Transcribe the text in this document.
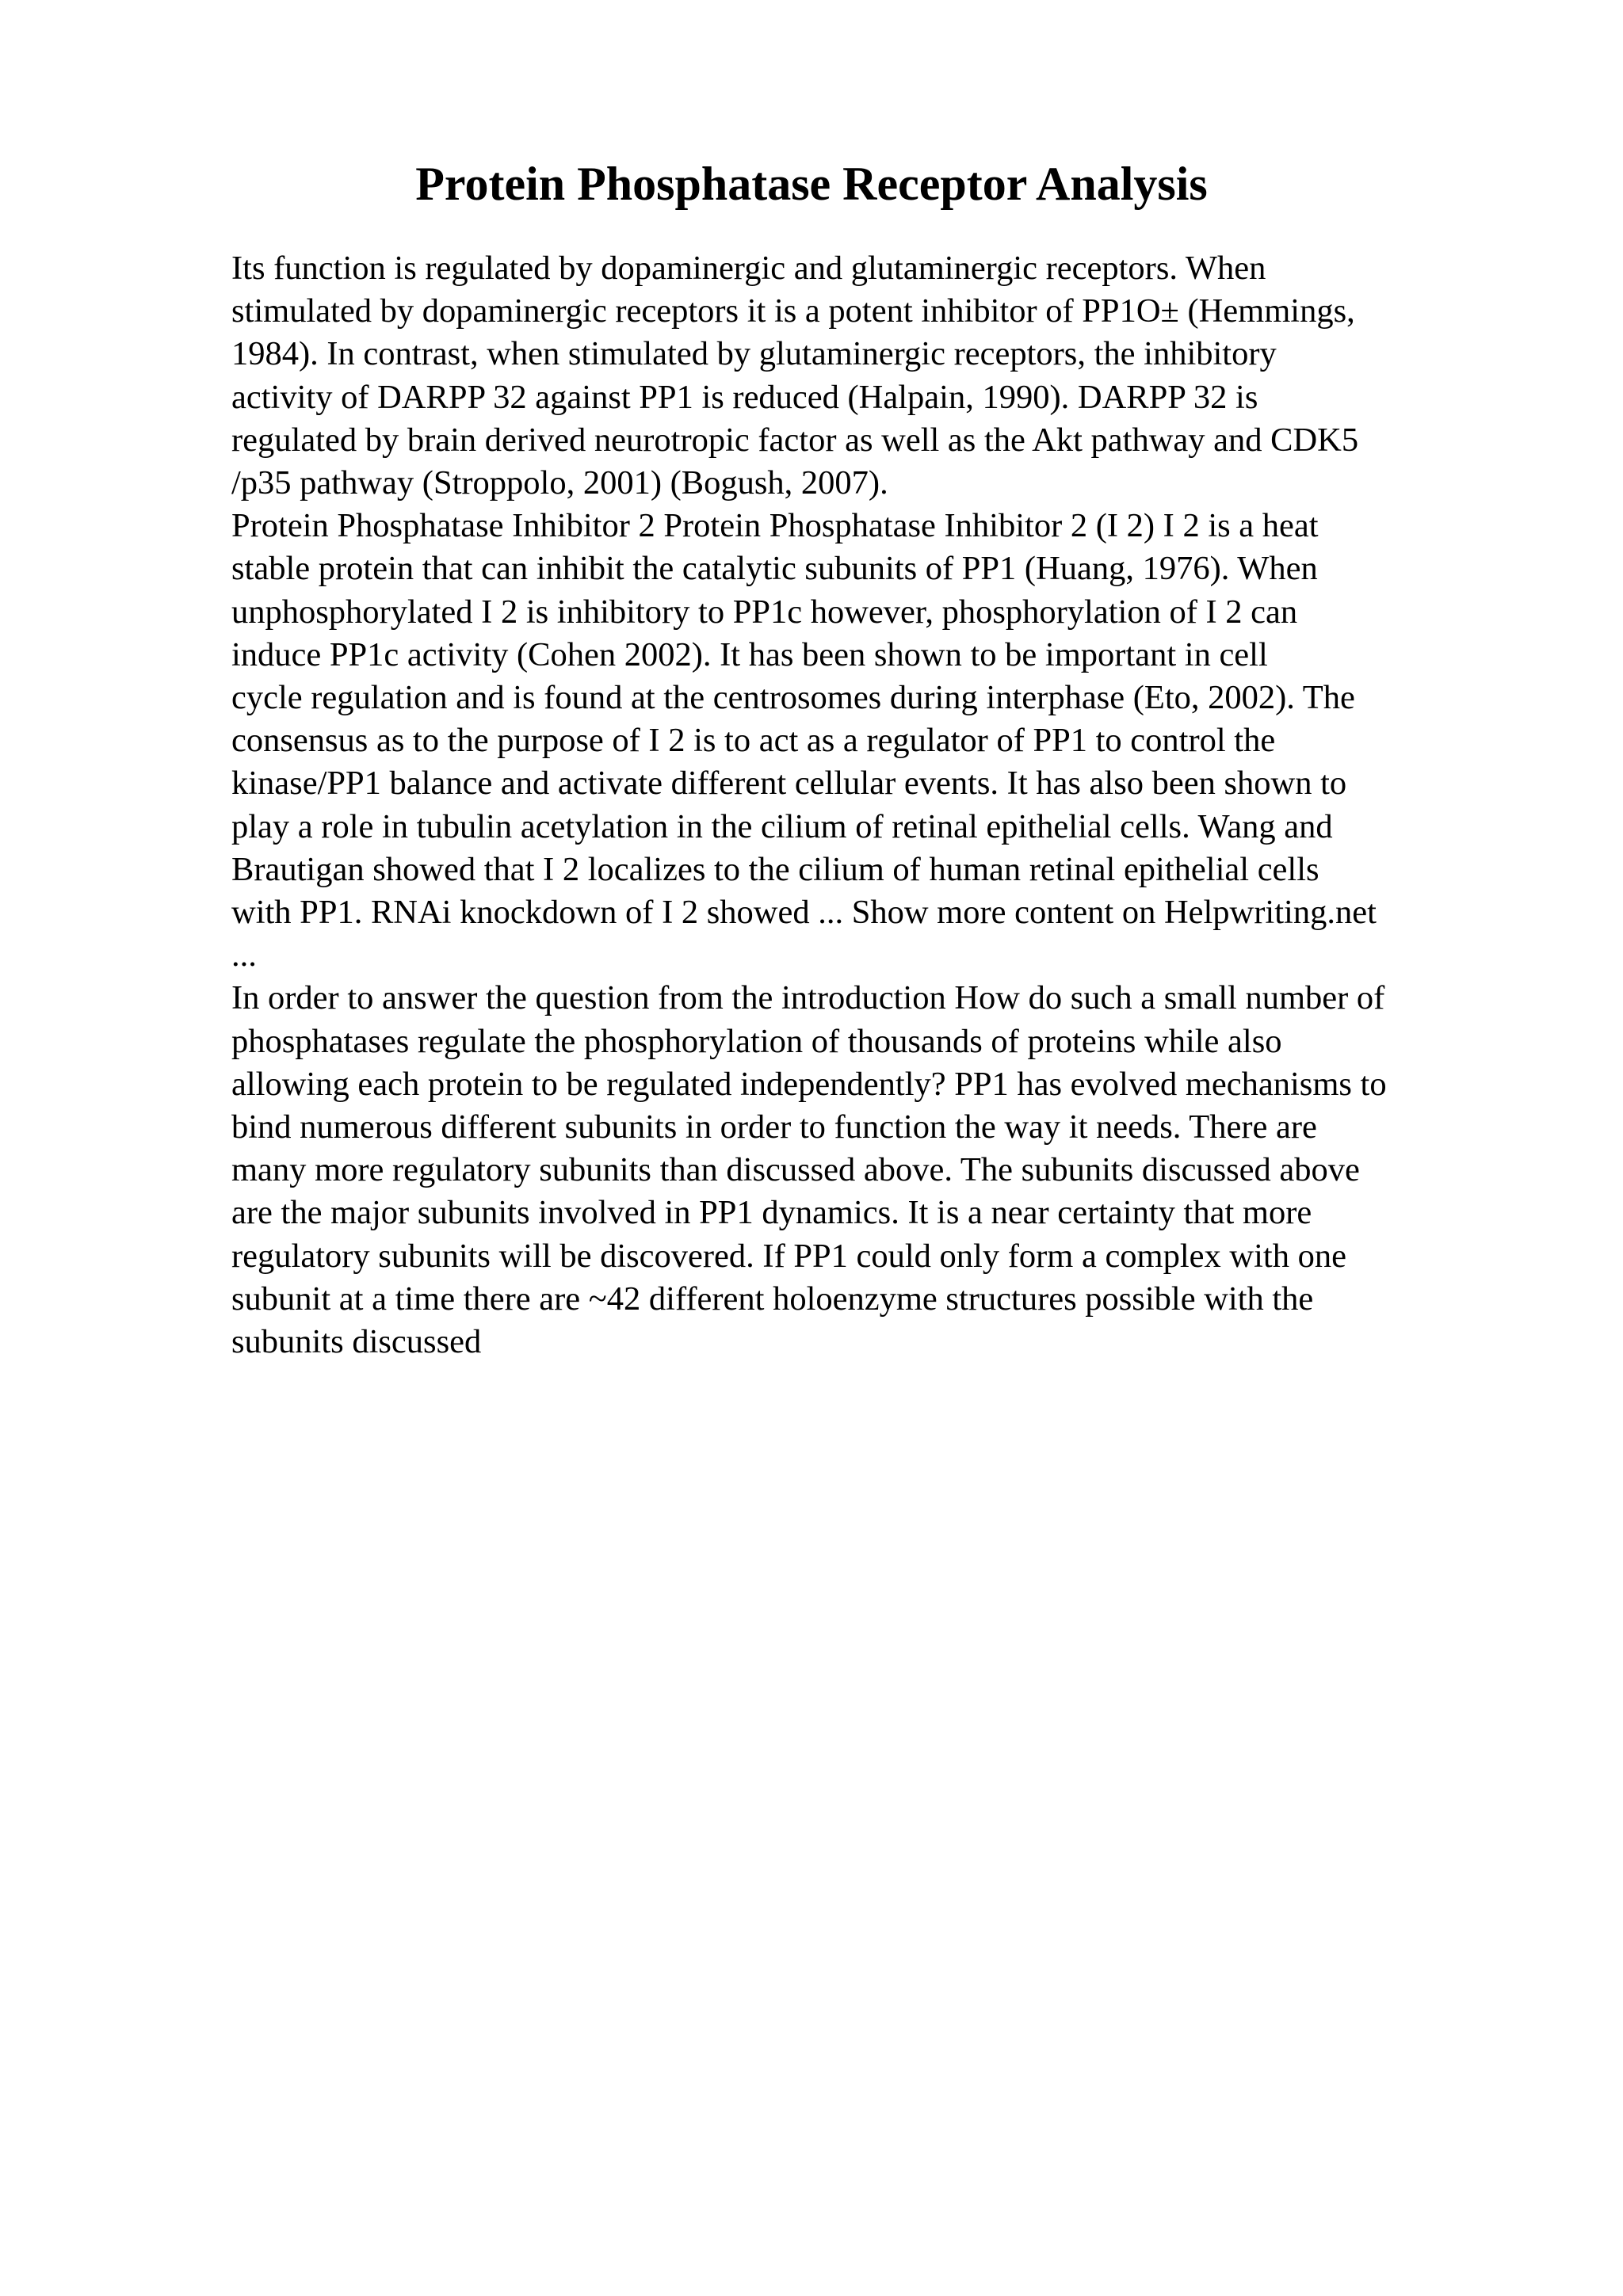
Protein Phosphatase Receptor Analysis
Its function is regulated by dopaminergic and glutaminergic receptors. When
stimulated by dopaminergic receptors it is a potent inhibitor of PP1O± (Hemmings,
1984). In contrast, when stimulated by glutaminergic receptors, the inhibitory
activity of DARPP 32 against PP1 is reduced (Halpain, 1990). DARPP 32 is
regulated by brain derived neurotropic factor as well as the Akt pathway and CDK5
/p35 pathway (Stroppolo, 2001) (Bogush, 2007).
Protein Phosphatase Inhibitor 2 Protein Phosphatase Inhibitor 2 (I 2) I 2 is a heat
stable protein that can inhibit the catalytic subunits of PP1 (Huang, 1976). When
unphosphorylated I 2 is inhibitory to PP1c however, phosphorylation of I 2 can
induce PP1c activity (Cohen 2002). It has been shown to be important in cell
cycle regulation and is found at the centrosomes during interphase (Eto, 2002). The
consensus as to the purpose of I 2 is to act as a regulator of PP1 to control the
kinase/PP1 balance and activate different cellular events. It has also been shown to
play a role in tubulin acetylation in the cilium of retinal epithelial cells. Wang and
Brautigan showed that I 2 localizes to the cilium of human retinal epithelial cells
with PP1. RNAi knockdown of I 2 showed ... Show more content on Helpwriting.net
...
In order to answer the question from the introduction How do such a small number of
phosphatases regulate the phosphorylation of thousands of proteins while also
allowing each protein to be regulated independently? PP1 has evolved mechanisms to
bind numerous different subunits in order to function the way it needs. There are
many more regulatory subunits than discussed above. The subunits discussed above
are the major subunits involved in PP1 dynamics. It is a near certainty that more
regulatory subunits will be discovered. If PP1 could only form a complex with one
subunit at a time there are ~42 different holoenzyme structures possible with the
subunits discussed
